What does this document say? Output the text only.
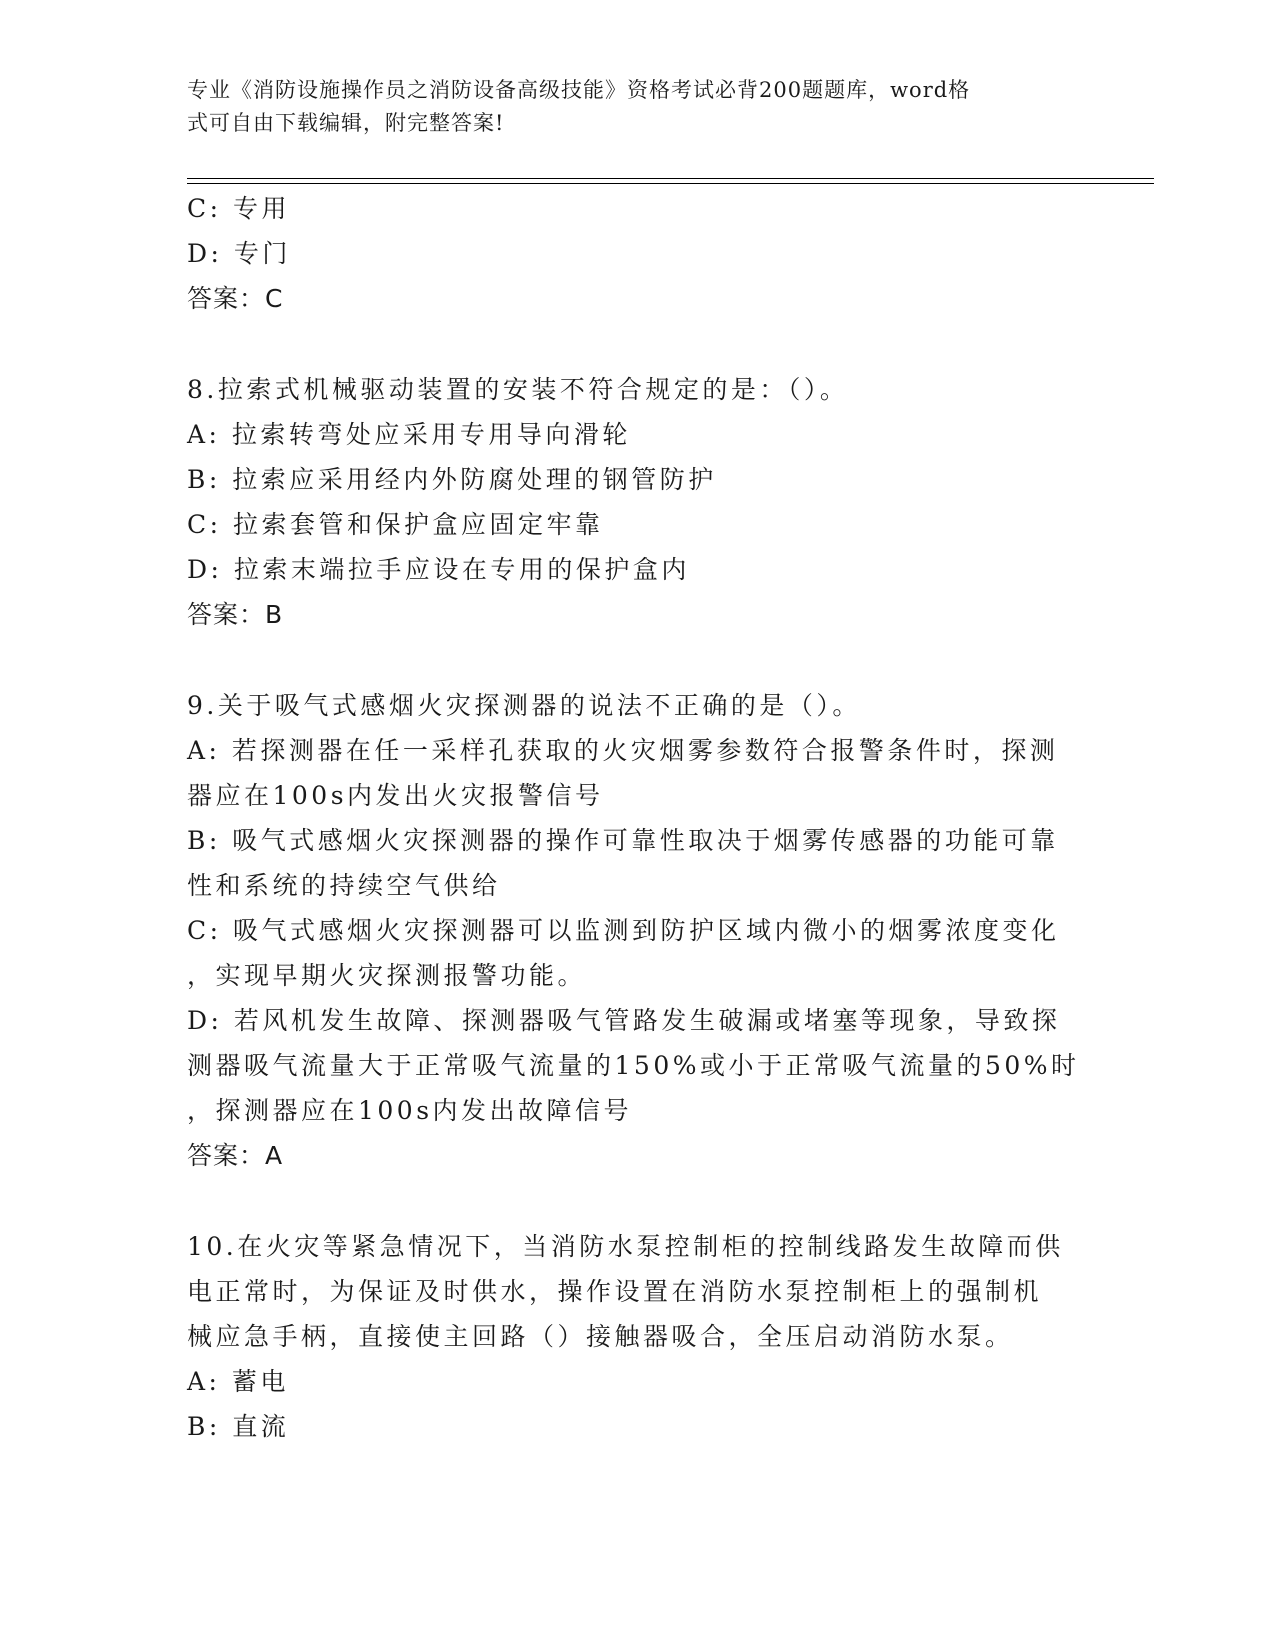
专业《消防设施操作员之消防设备高级技能》资格考试必背200题题库，word格
式可自由下载编辑，附完整答案!
C: 专用
D: 专门
答案：C
8.拉索式机械驱动装置的安装不符合规定的是：（）。
A: 拉索转弯处应采用专用导向滑轮
B: 拉索应采用经内外防腐处理的钢管防护
C: 拉索套管和保护盒应固定牢靠
D: 拉索末端拉手应设在专用的保护盒内
答案：B
9.关于吸气式感烟火灾探测器的说法不正确的是（）。
A: 若探测器在任一采样孔获取的火灾烟雾参数符合报警条件时，探测
器应在100s内发出火灾报警信号
B: 吸气式感烟火灾探测器的操作可靠性取决于烟雾传感器的功能可靠
性和系统的持续空气供给
C: 吸气式感烟火灾探测器可以监测到防护区域内微小的烟雾浓度变化
，实现早期火灾探测报警功能。
D: 若风机发生故障、探测器吸气管路发生破漏或堵塞等现象，导致探
测器吸气流量大于正常吸气流量的150%或小于正常吸气流量的50%时
，探测器应在100s内发出故障信号
答案：A
10.在火灾等紧急情况下，当消防水泵控制柜的控制线路发生故障而供
电正常时，为保证及时供水，操作设置在消防水泵控制柜上的强制机
械应急手柄，直接使主回路（）接触器吸合，全压启动消防水泵。
A: 蓄电
B: 直流
